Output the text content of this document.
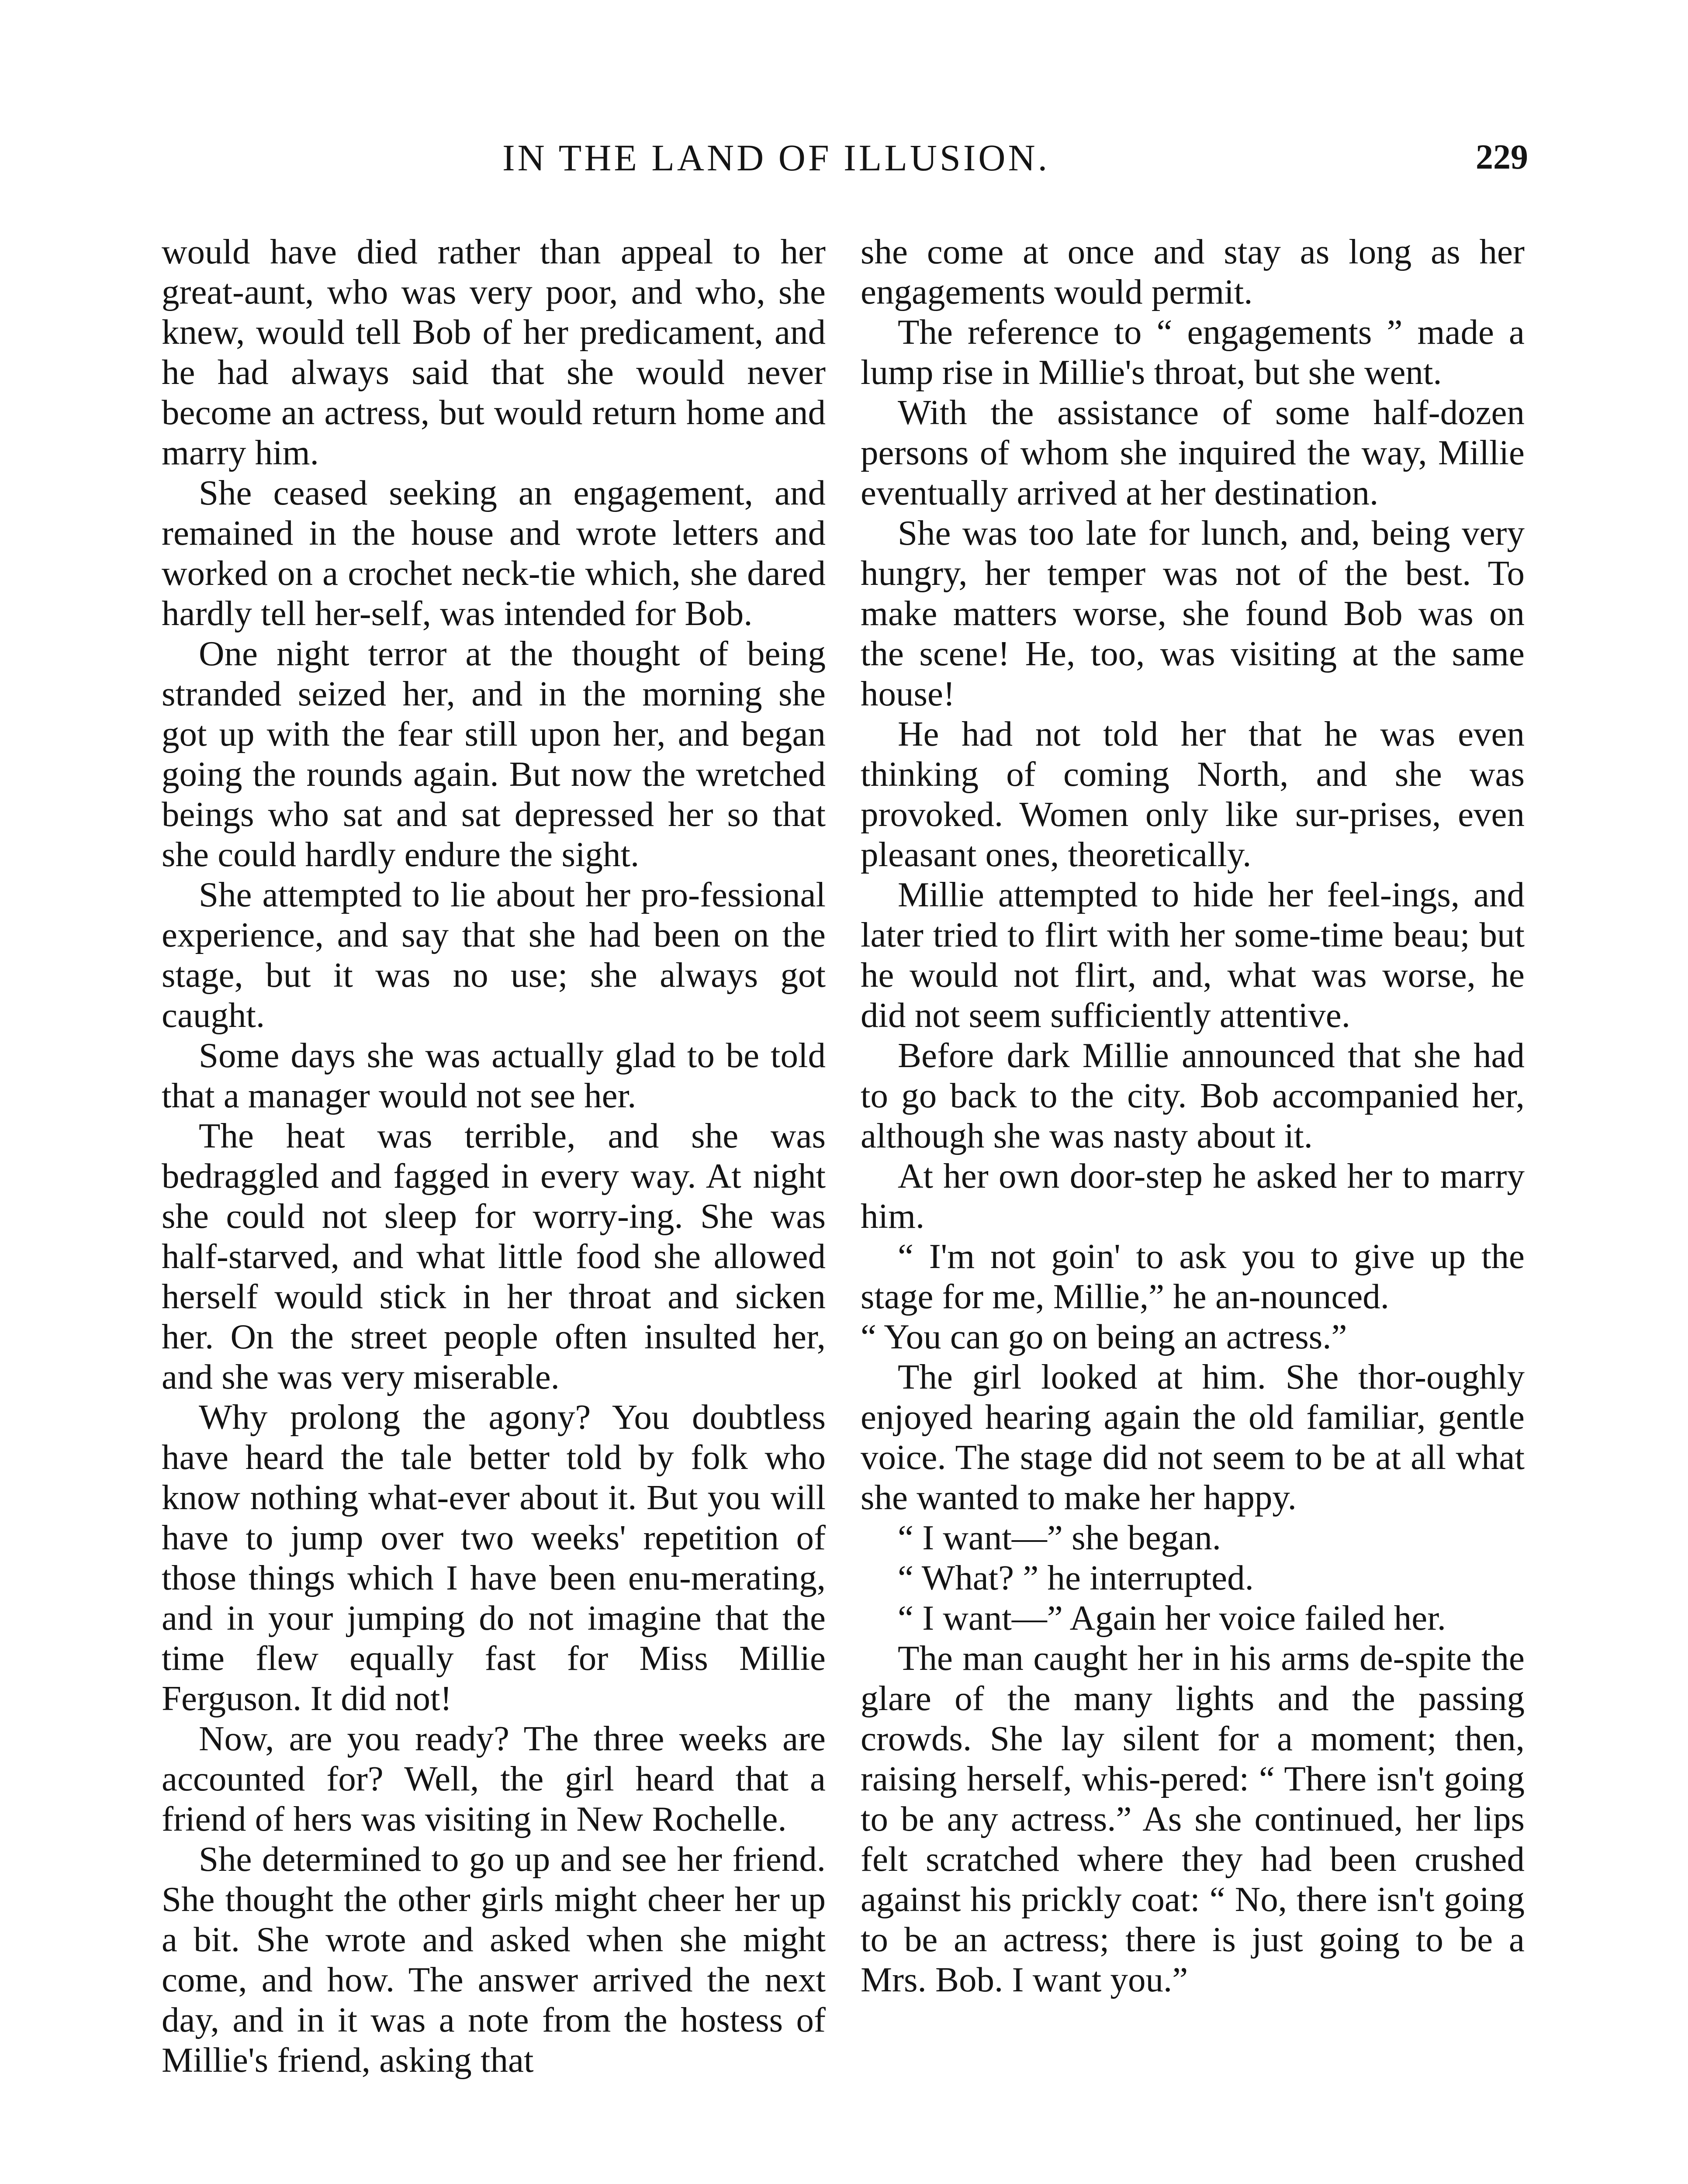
IN THE LAND OF ILLUSION.	229

would have died rather than appeal to her great-aunt, who was very poor, and who, she knew, would tell Bob of her predicament, and he had always said that she would never become an actress, but would return home and marry him.

She ceased seeking an engagement, and remained in the house and wrote letters and worked on a crochet neck-tie which, she dared hardly tell her-self, was intended for Bob.

One night terror at the thought of being stranded seized her, and in the morning she got up with the fear still upon her, and began going the rounds again. But now the wretched beings who sat and sat depressed her so that she could hardly endure the sight.

She attempted to lie about her pro-fessional experience, and say that she had been on the stage, but it was no use; she always got caught.

Some days she was actually glad to be told that a manager would not see her.

The heat was terrible, and she was bedraggled and fagged in every way. At night she could not sleep for worry-ing. She was half-starved, and what little food she allowed herself would stick in her throat and sicken her. On the street people often insulted her, and she was very miserable.

Why prolong the agony? You doubtless have heard the tale better told by folk who know nothing what-ever about it. But you will have to jump over two weeks' repetition of those things which I have been enu-merating, and in your jumping do not imagine that the time flew equally fast for Miss Millie Ferguson. It did not!

Now, are you ready? The three weeks are accounted for? Well, the girl heard that a friend of hers was visiting in New Rochelle.

She determined to go up and see her friend. She thought the other girls might cheer her up a bit. She wrote and asked when she might come, and how. The answer arrived the next day, and in it was a note from the hostess of Millie's friend, asking that

she come at once and stay as long as her engagements would permit.

The reference to “ engagements ” made a lump rise in Millie's throat, but she went.

With the assistance of some half-dozen persons of whom she inquired the way, Millie eventually arrived at her destination.

She was too late for lunch, and, being very hungry, her temper was not of the best. To make matters worse, she found Bob was on the scene! He, too, was visiting at the same house!

He had not told her that he was even thinking of coming North, and she was provoked. Women only like sur-prises, even pleasant ones, theoretically.

Millie attempted to hide her feel-ings, and later tried to flirt with her some-time beau; but he would not flirt, and, what was worse, he did not seem sufficiently attentive.

Before dark Millie announced that she had to go back to the city. Bob accompanied her, although she was nasty about it.

At her own door-step he asked her to marry him.

“ I'm not goin' to ask you to give up the stage for me, Millie,” he an-nounced.

“ You can go on being an actress.”

The girl looked at him. She thor-oughly enjoyed hearing again the old familiar, gentle voice. The stage did not seem to be at all what she wanted to make her happy.

“ I want—” she began.

“ What? ” he interrupted.

“ I want—” Again her voice failed her.

The man caught her in his arms de-spite the glare of the many lights and the passing crowds. She lay silent for a moment; then, raising herself, whis-pered: “ There isn't going to be any actress.” As she continued, her lips felt scratched where they had been crushed against his prickly coat: “ No, there isn't going to be an actress; there is just going to be a Mrs. Bob. I want you.”
